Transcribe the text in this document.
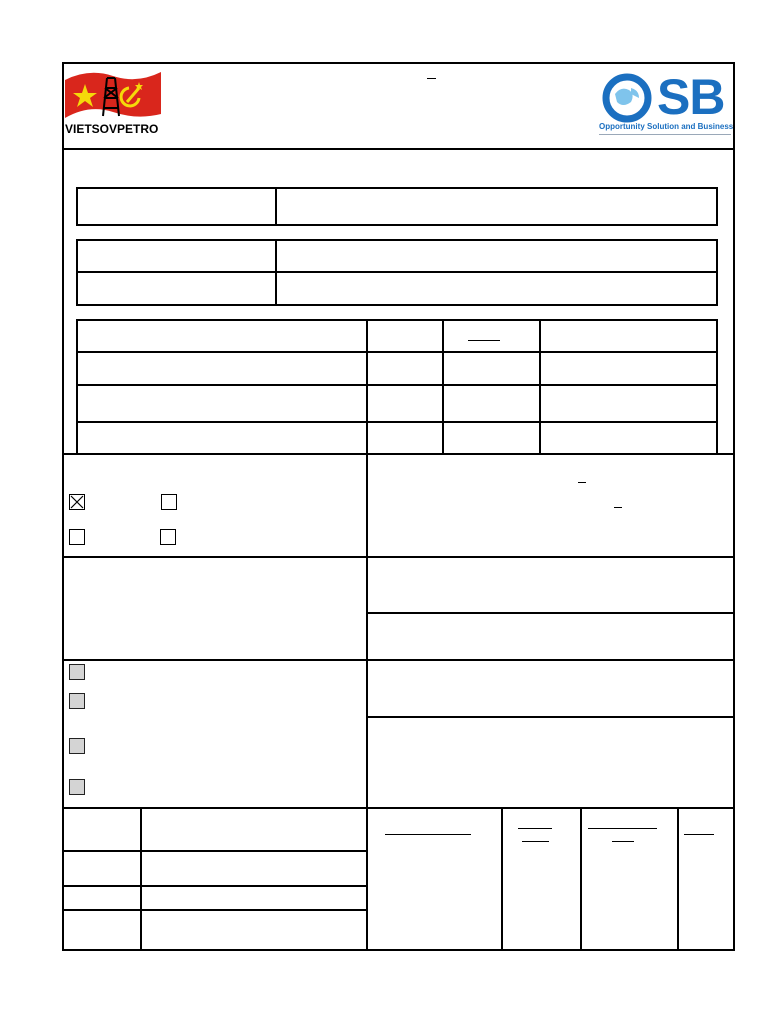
VIETSOVPETRO
SB
Opportunity Solution and Business
